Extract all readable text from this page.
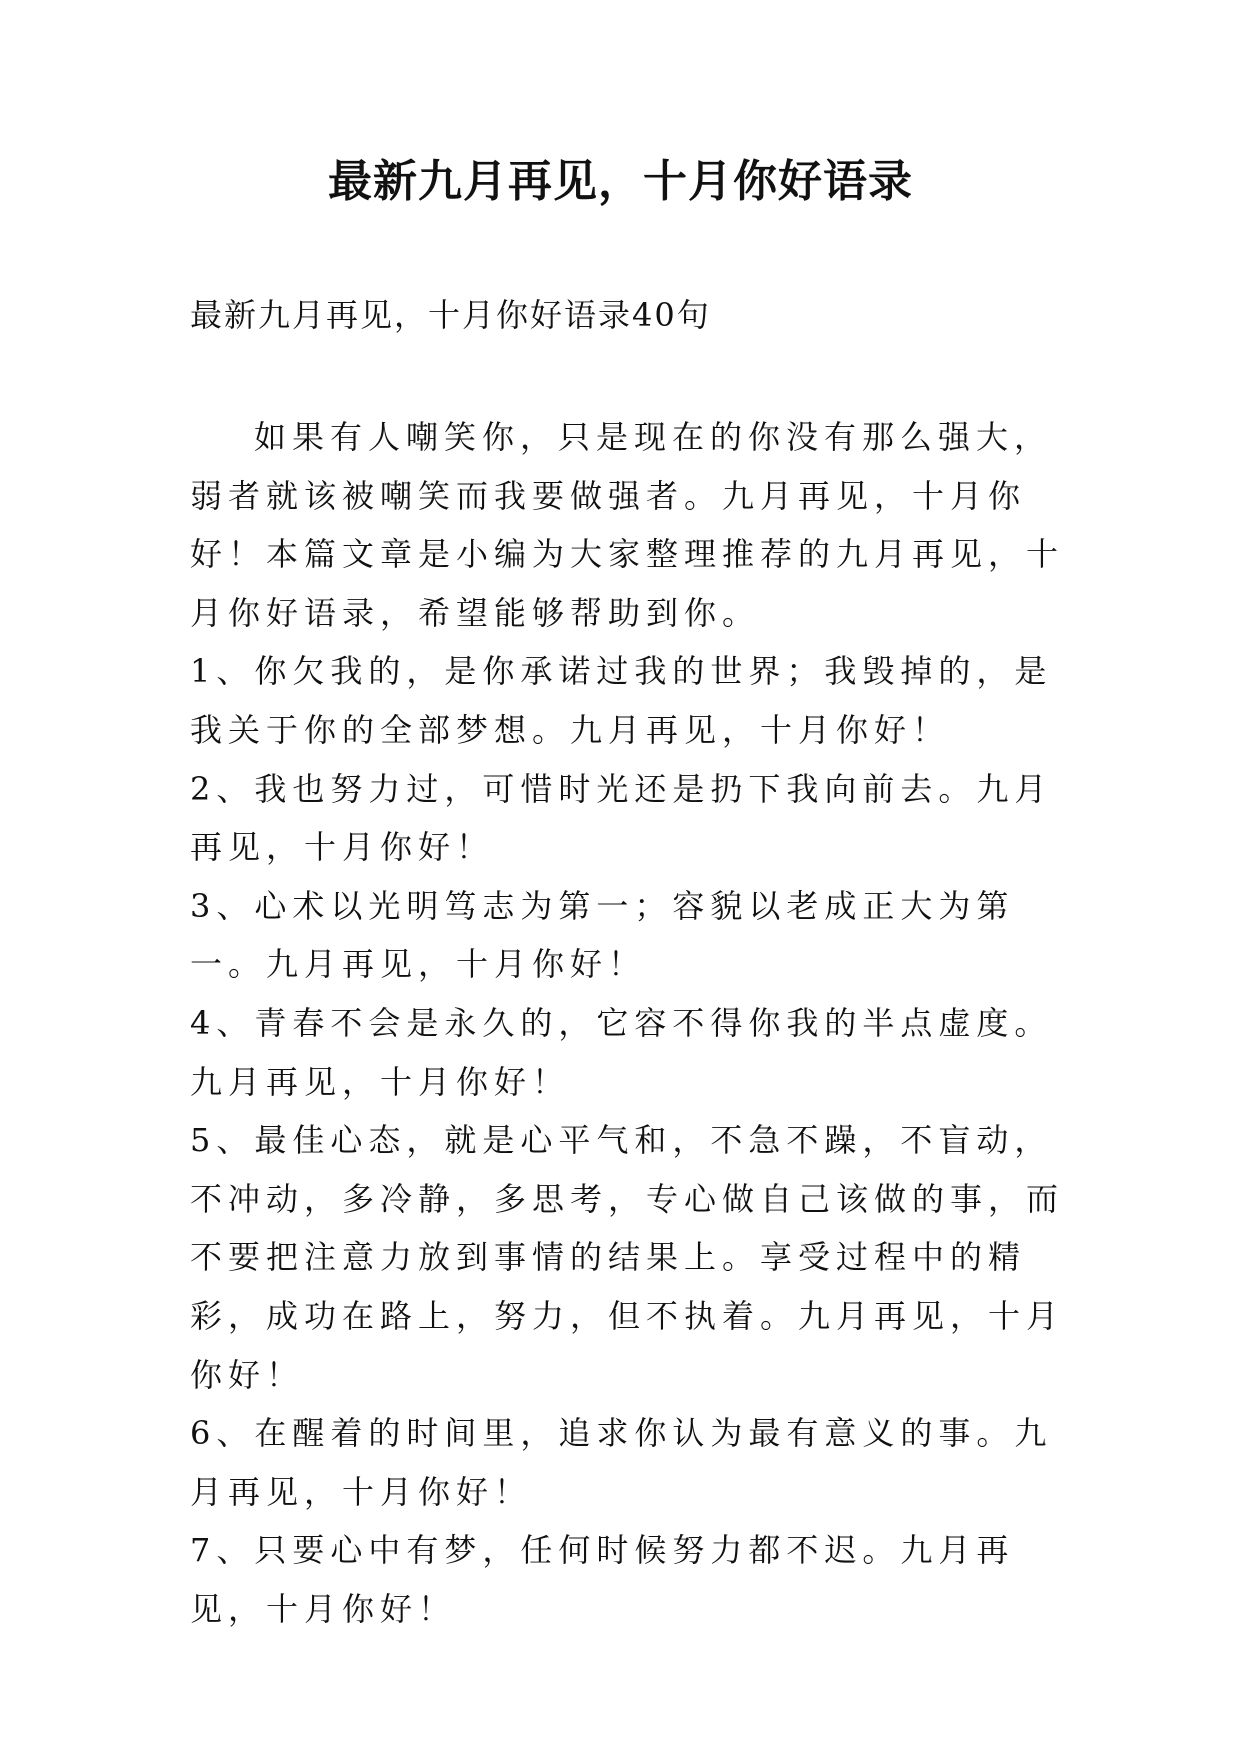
最新九月再见，十月你好语录
最新九月再见，十月你好语录40句

如果有人嘲笑你，只是现在的你没有那么强大，弱者就该被嘲笑而我要做强者。九月再见，十月你好！本篇文章是小编为大家整理推荐的九月再见，十月你好语录，希望能够帮助到你。

1、你欠我的，是你承诺过我的世界；我毁掉的，是我关于你的全部梦想。九月再见，十月你好！

2、我也努力过，可惜时光还是扔下我向前去。九月再见，十月你好！

3、心术以光明笃志为第一；容貌以老成正大为第一。九月再见，十月你好！

4、青春不会是永久的，它容不得你我的半点虚度。九月再见，十月你好！

5、最佳心态，就是心平气和，不急不躁，不盲动，不冲动，多冷静，多思考，专心做自己该做的事，而不要把注意力放到事情的结果上。享受过程中的精彩，成功在路上，努力，但不执着。九月再见，十月你好！

6、在醒着的时间里，追求你认为最有意义的事。九月再见，十月你好！

7、只要心中有梦，任何时候努力都不迟。九月再见，十月你好！
